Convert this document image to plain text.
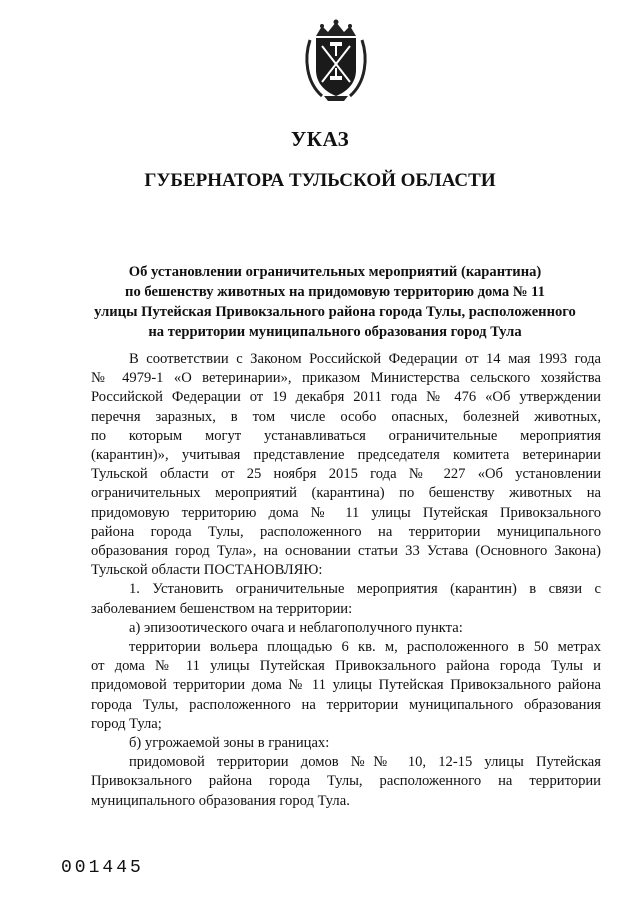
УКАЗ
ГУБЕРНАТОРА ТУЛЬСКОЙ ОБЛАСТИ
Об установлении ограничительных мероприятий (карантина)
по бешенству животных на придомовую территорию дома № 11
улицы Путейская Привокзального района города Тулы, расположенного
на территории муниципального образования город Тула
В соответствии с Законом Российской Федерации от 14 мая 1993 года
№ 4979-1 «О ветеринарии», приказом Министерства сельского хозяйства
Российской Федерации от 19 декабря 2011 года № 476 «Об утверждении
перечня заразных, в том числе особо опасных, болезней животных,
по которым могут устанавливаться ограничительные мероприятия
(карантин)», учитывая представление председателя комитета ветеринарии
Тульской области от 25 ноября 2015 года № 227 «Об установлении
ограничительных мероприятий (карантина) по бешенству животных на
придомовую территорию дома № 11 улицы Путейская Привокзального
района города Тулы, расположенного на территории муниципального
образования город Тула», на основании статьи 33 Устава (Основного Закона)
Тульской области ПОСТАНОВЛЯЮ:
1. Установить ограничительные мероприятия (карантин) в связи с
заболеванием бешенством на территории:
а) эпизоотического очага и неблагополучного пункта:
территории вольера площадью 6 кв. м, расположенного в 50 метрах
от дома № 11 улицы Путейская Привокзального района города Тулы и
придомовой территории дома № 11 улицы Путейская Привокзального района
города Тулы, расположенного на территории муниципального образования
город Тула;
б) угрожаемой зоны в границах:
придомовой территории домов №№ 10, 12-15 улицы Путейская
Привокзального района города Тулы, расположенного на территории
муниципального образования город Тула.
001445
